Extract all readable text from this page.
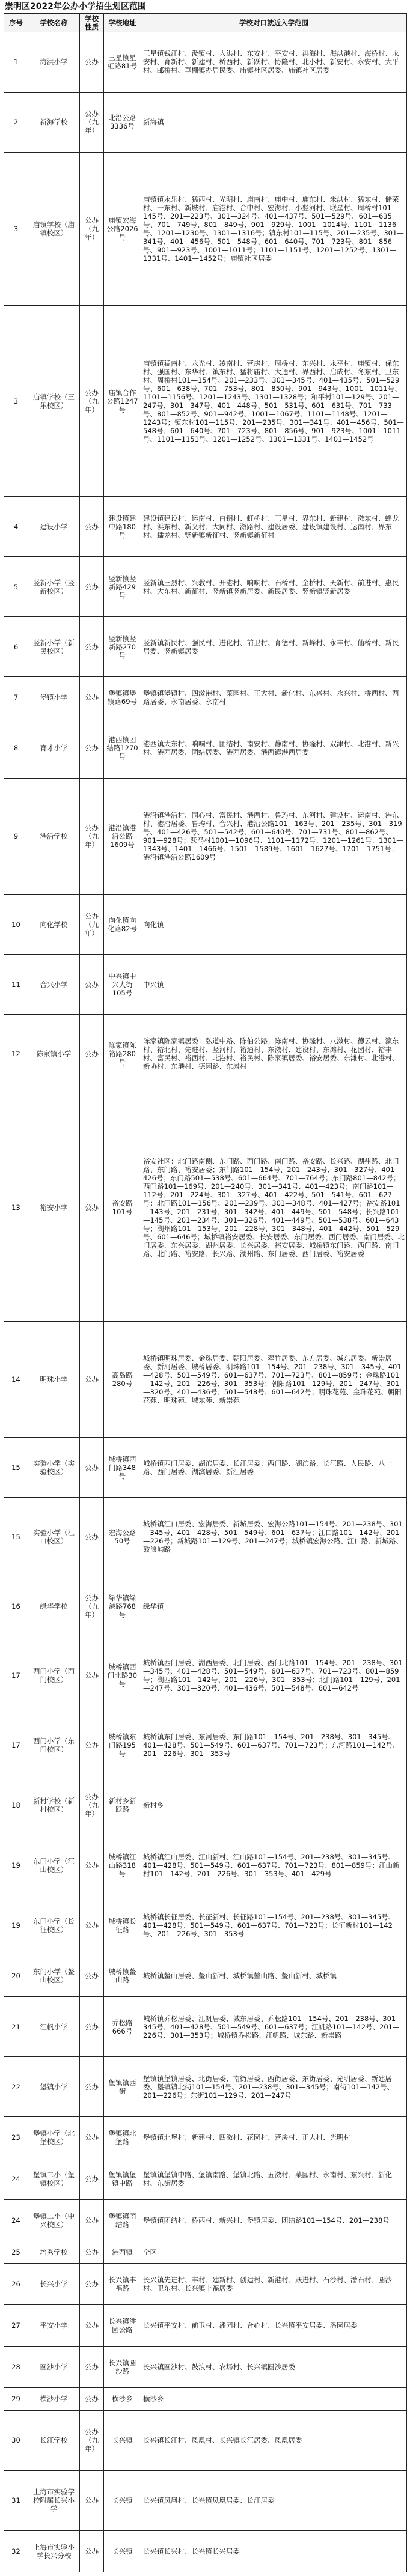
崇明区2022年公办小学招生划区范围
序号	学校名称	学校性质	学校地址	学校对口就近入学范围
1	海洪小学	公办	三星镇星虹路81号	三星镇钱江村、汲镇村、大洪村、东安村、平安村、洪海村、海洪港村、海桥村、永安村、育新村、新建村、桥西村、新跃村、协隆村、北小村、新安村、永安村、大平村、邮桥村、草棚镇办居民委、庙镇社区居委、庙镇社区居委
2	新海学校	公办（九年）	北沿公路3336号	新海镇
3	庙镇学校（庙镇校区）	公办（九年）	庙镇宏海公路2026号	庙镇镇永乐村、猛西村、光明村、庙南村、庙中村、庙东村、米洪村、猛东村、储荣村、一东村、新城村、庙港村、合中村、宏海村、小竖河村、联星村、周桥村101—145号、201—223号、301—324号、401—437号、501—529号、601—635号、701—749号、801—849号、901—929号、1001—1014号、1101—1136号、1201—1230号、1301—1316号；镇东村101—115号、201—235号、301—341号、401—456号、501—548号、601—640号、701—723号、801—856号、901—923号、1001—1011号；1101—1151号、1201—1252号、1301—1331号、1401—1452号；庙镇社区居委
3	庙镇学校（三乐校区）	公办（九年）	庙镇合作公路1247号	庙镇镇猛南村、永光村、凌南村、营房村、周桥村、东兴村、永平村、庙镇村、保东村、强国村、东华村、镇东村、猛将庙村、大通村、界西村、启成村、冬东村、卫东村、周桥村101—154号、201—233号、301—345号、401—435号、501—529号、601—638号、701—753号、801—850号、901—943号、1001—1011号、1101—1156号、1201—1243号、1301—1328号；和平村101—129号、201—247号、301—347号、401—448号、501—531号、601—631号、701—733号、801—852号、901—942号、1001—1067号、1101—1148号、1201—1243号；镇东村101—115号、201—235号、301—341号、401—456号、501—548号、601—640号、701—723号、801—856号、901—923号、1001—1011号、1101—1151号、1201—1252号、1301—1331号、1401—1452号
4	建设小学	公办	建设镇建中路180号	建设镇建设村、运南村、白钥村、虹桥村、三星村、界东村、新建村、滧东村、蟠龙村、浜东村、新义村、大同村、滧路村、建设居委、建设镇建设村、运南村、界东村、蟠龙村、竖新镇新征村、竖新镇新征村
5	竖新小学（竖新校区）	公办	竖新镇竖新路429号	竖新镇三烈村、兴教村、开港村、响哃村、石桥村、金桥村、天新村、前进村、惠民村、大东村、新征村、竖新镇竖新居委、新民居委、竖新镇竖新居委
6	竖新小学（新民校区）	公办	竖新镇竖新路270号	竖新镇新民村、强民村、进化村、前卫村、育德村、新峰村、永丰村、仙桥村、新民居委、竖新镇居委
7	堡镇小学	公办	堡镇镇堡镇路69号	堡镇镇堡镇村、四滧港村、菜园村、正大村、新化村、东兴村、永兴村、桥西村、西路居委、永南居委、永南村
8	育才小学	公办	港西镇团结路1270号	港西镇大东村、响哃村、团结村、南安村、静南村、协隆村、双津村、北港村、新兴村、港西居委、团结居委、港西居委、港西镇港西居委
9	港沿学校	公办（九年）	港沿镇港沿公路1609号	港沿镇港沿村、同心村、富民村、港西村、鲁玙村、东河村、建设村、运南村、港东村、港沿居委、鲁玙村、合兴村、港沿公路101—163号、201—235号、301—319号、401—426号、501—542号、601—640号、701—731号、801—862号、901—928号；跃马村1001—1096号、1101—1172号、1201—1261号、1301—1343号、1401—1466号、1501—1589号、1601—1627号、1701—1751号；港沿镇港沿公路1609号
10	向化学校	公办（九年）	向化镇向化路82号	向化镇
11	合兴小学	公办	中兴镇中兴大街105号	中兴镇
12	陈家镇小学	公办	陈家镇陈裕路280号	陈家镇陈家镇居委：弘道中路、陈伯公路；陈南村、协隆村、八滧村、德云村、瀛东村、裕北村、先进村、竖河村、裕通村、东滧村、建设村、东滩村、花园村、裕丰村、富民村、裕西村、北港村、裕民村、陈家镇居委、裕安居委、东滩村、北港村、新协村、东港村、德园路、东滩村
13	裕安小学	公办	裕安路101号	裕安社区：北门路南侧、东门路、西门路、南门路、裕安路、长兴路、湖州路、北门路、东门路、裕安居委；东门路101—154号、201—243号、301—327号、401—426号；东门路501—538号、601—664号、701—764号；东门路801—842号；西门路101—169号、201—240号、301—341号、401—423号；南门路101—112号、201—224号、301—327号、401—422号、501—541号、601—627号；北门路101—156号、201—239号、301—348号、401—427号；裕安路101—143号、201—231号、301—342号、401—449号、501—548号；长兴路101—145号、201—234号、301—326号、401—449号、501—538号、601—643号；湖州路101—153号、201—228号、301—348号、401—442号、501—529号、601—646号；城桥镇裕安居委、长安居委、东门居委、西门居委、南门居委、北门居委、东兴居委、湖州居委、长兴居委、裕安居委、城桥镇东门路、西门路、南门路、北门路、裕安路、长兴路、湖州路、东门居委、西门居委、裕安居委
14	明珠小学	公办	高岛路280号	城桥镇明珠居委、金珠居委、朝阳居委、翠竹居委、东方居委、城东居委、新崇居委、新河居委、城桥居委、明珠路101—154号、201—238号、301—345号、401—428号、501—549号、601—637号、701—723号、801—859号；金珠路101—142号、201—226号、301—353号；朝阳路101—129号、201—247号、301—320号、401—436号、501—548号、601—642号；明珠花苑、金珠花苑、朝阳花苑、明珠苑、城东苑、新崇苑
15	实验小学（实验校区）	公办	城桥镇西门路348号	城桥镇西门居委、湖滨居委、长江居委、西门路、湖滨路、长江路、人民路、八一路、西门居委、湖滨居委、新江居委
15	实验小学（江口校区）	公办	宏海公路50号	城桥镇江口居委、宏海居委、新城居委、宏海公路101—154号、201—238号、301—345号、401—428号、501—549号、601—637号；江口路101—142号、201—226号；新城路101—129号、201—247号；城桥镇宏海公路、江口路、新城路、鼓浪屿路
16	绿华学校	公办（九年）	绿华镇绿港路768号	绿华镇
17	西门小学（西门校区）	公办	城桥镇西门北路30号	城桥镇西门居委、湖西居委、北门居委、西门北路101—154号、201—238号、301—345号、401—428号、501—549号、601—637号、701—723号、801—859号；湖西路101—142号、201—226号、301—353号；北门路101—129号、201—247号、301—320号、401—436号、501—548号、601—642号
17	西门小学（东门校区）	公办	城桥镇东门路195号	城桥镇东门居委、东河居委、东门路101—154号、201—238号、301—345号、401—428号、501—549号、601—637号、701—723号；东河路101—142号、201—226号、301—353号
18	新村学校（新村校区）	公办（九年）	新村乡新跃路	新村乡
19	东门小学（江山校区）	公办	城桥镇江山路318号	城桥镇江山居委、江山新村、江山路101—154号、201—238号、301—345号、401—428号、501—549号、601—637号、701—723号、801—859号；江山新村101—142号、201—226号、301—353号、401—429号
19	东门小学（长征校区）	公办	城桥镇长征路	城桥镇长征居委、长征新村、长征路101—154号、201—238号、301—345号、401—428号、501—549号、601—637号、701—723号；长征新村101—142号、201—226号、301—353号
20	东门小学（鳌山校区）	公办	城桥镇鳌山路	城桥镇鳌山居委、鳌山新村、城桥镇鳌山路、鳌山新村、城桥镇
21	江帆小学	公办	乔松路666号	城桥镇乔松居委、江帆居委、城东居委、乔松路101—154号、201—238号、301—345号、401—428号、501—549号、601—637号；江帆路101—142号、201—226号、301—353号；城桥镇乔松路、江帆路、城东路、新崇路
22	堡镇小学	公办	堡镇镇西街	堡镇镇堡镇居委、北街居委、南街居委、西街居委、东街居委、光明居委、新建居委、堡镇镇北街101—154号、201—238号、301—345号；南街101—142号、201—226号；东街101—129号、201—247号
23	堡镇小学（北堡校区）	公办	堡镇镇北堡路	堡镇镇北堡村、新建村、四滧村、花园村、营房村、正大村、光明村
24	堡镇二小（堡镇校区）	公办	堡镇镇堡镇中路	堡镇镇堡镇中路、堡镇南路、堡镇北路、五滧村、菜园村、永南村、东兴村、新化村、东街居委
24	堡镇二小（中兴校区）	公办	堡镇镇团结路	堡镇镇团结村、桥西村、新兴村、堡镇居委、团结路101—154号、201—238号
25	培秀学校	公办	港西镇	全区
26	长兴小学	公办	长兴镇丰福路	长兴镇先进村、丰村、建新村、创建村、新港村、跃进村、石沙村、潘石村、圆沙村、卫东村、长兴镇丰福居委
27	平安小学	公办	长兴镇潘园公路	长兴镇平安村、前卫村、潘园村、合心村、长兴镇平安居委、潘园居委
28	圆沙小学	公办	长兴镇圆沙路	长兴镇圆沙村、鼓浪村、农场村、长兴镇圆沙居委
29	横沙小学	公办	横沙乡	横沙乡
30	长江学校	公办（九年）	长兴镇	长兴镇长江村、凤凰村、长兴镇长江居委、凤凰居委
31	上海市实验学校附属长兴小学	公办	长兴镇	长兴镇凤凰村、长兴镇凤凰居委、长江居委
32	上海市实验小学长兴分校	公办	长兴镇	长兴镇长兴村、长兴镇长兴居委
